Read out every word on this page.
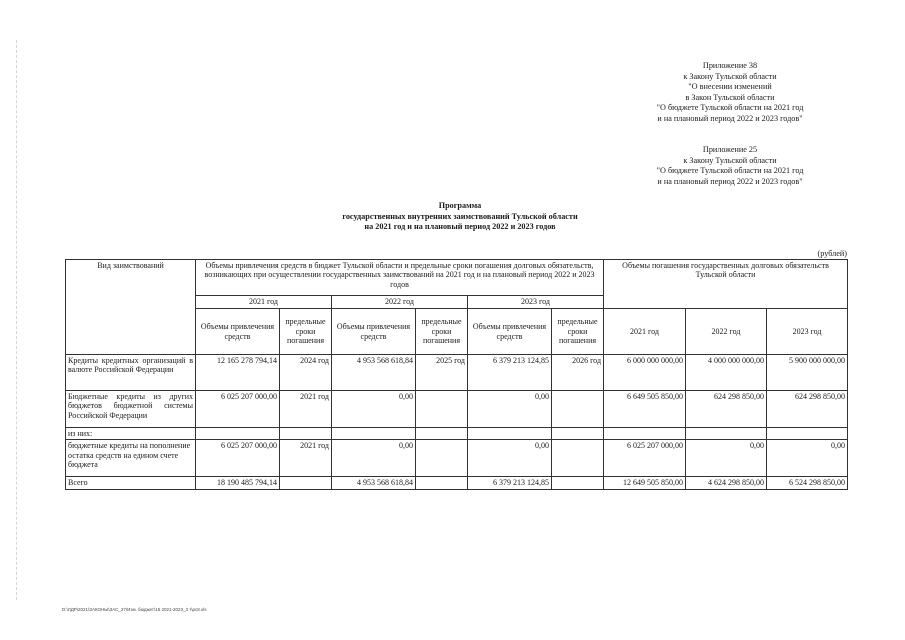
Приложение 38
к Закону Тульской области
"О внесении изменений
в Закон Тульской области
"О бюджете Тульской области на 2021 год
и на плановый период 2022 и 2023 годов"
Приложение 25
к Закону Тульской области
"О бюджете Тульской области на 2021 год
и на плановый период 2022 и 2023 годов"
Программа
государственных внутренних заимствований Тульской области
на 2021 год и на плановый период 2022 и 2023 годов
(рублей)
Вид заимствований	Объемы привлечения средств в бюджет Тульской области и предельные сроки погашения долговых обязательств, возникающих при осуществлении государственных заимствований на 2021 год и на плановый период 2022 и 2023 годов						Объемы погашения государственных долговых обязательств Тульской области		
	2021 год		2022 год		2023 год				
	Объемы привлечения средств	предельные сроки погашения	Объемы привлечения средств	предельные сроки погашения	Объемы привлечения средств	предельные сроки погашения	2021 год	2022 год	2023 год
Кредиты кредитных организаций в валюте Российской Федерации	12 165 278 794,14	2024 год	4 953 568 618,84	2025 год	6 379 213 124,85	2026 год	6 000 000 000,00	4 000 000 000,00	5 900 000 000,00
Бюджетные кредиты из других бюджетов бюджетной системы Российской Федерации	6 025 207 000,00	2021 год	0,00		0,00		6 649 505 850,00	624 298 850,00	624 298 850,00
из них:									
бюджетные кредиты на пополнение остатка средств на едином счете бюджета	6 025 207 000,00	2021 год	0,00		0,00		6 025 207 000,00	0,00	0,00
Всего	18 190 485 794,14		4 953 568 618,84		6 379 213 124,85		12 649 505 850,00	4 624 298 850,00	6 524 298 850,00
D:\ЛДР\2021\ЗАКОНЫ\ЗАС_27\Изм. бюджет\15 2021-2023_3 т\рс8.xls
